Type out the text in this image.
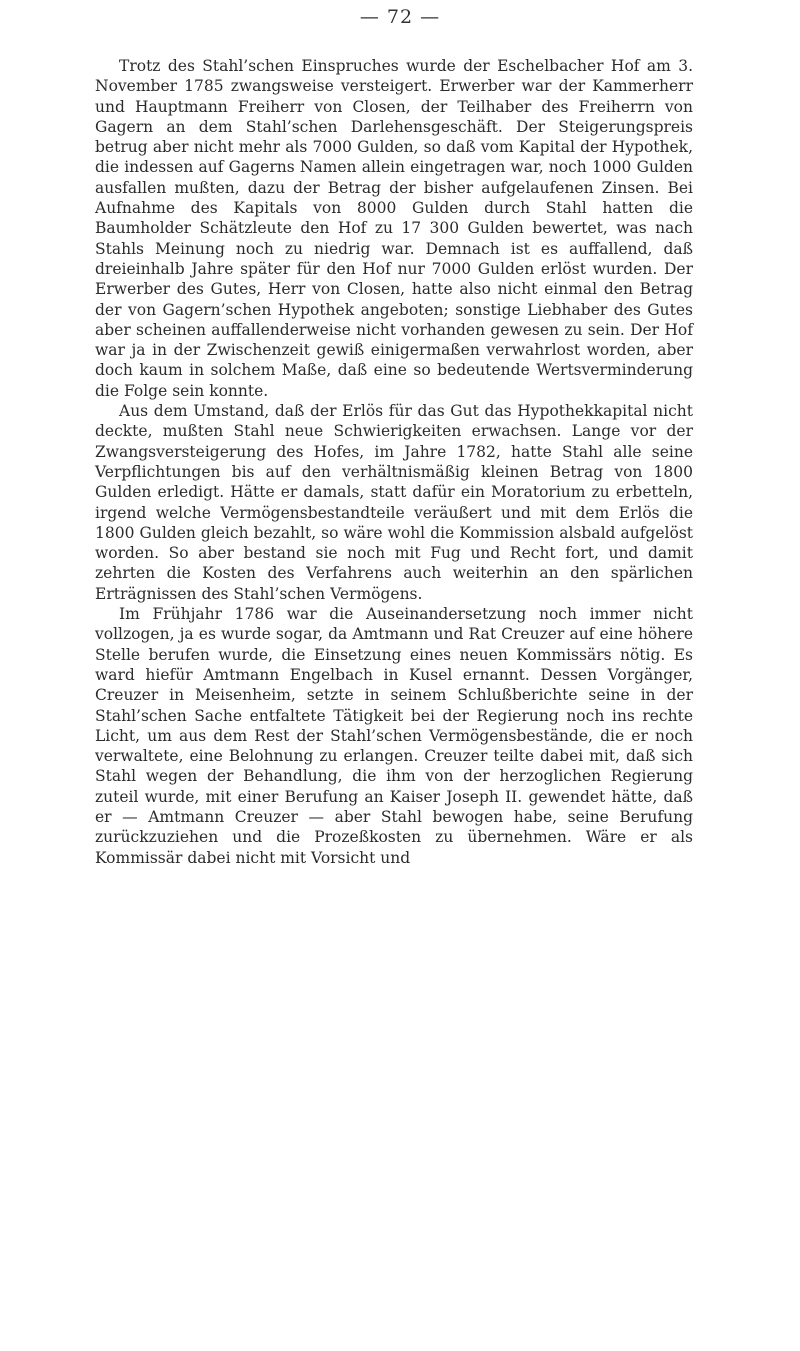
— 72 —

Trotz des Stahl’schen Einspruches wurde der Eschelbacher Hof am 3. November 1785 zwangsweise versteigert. Erwerber war der Kammerherr und Hauptmann Freiherr von Closen, der Teilhaber des Freiherrn von Gagern an dem Stahl’schen Darlehensgeschäft. Der Steigerungspreis betrug aber nicht mehr als 7000 Gulden, so daß vom Kapital der Hypothek, die indessen auf Gagerns Namen allein eingetragen war, noch 1000 Gulden ausfallen mußten, dazu der Betrag der bisher aufgelaufenen Zinsen. Bei Aufnahme des Kapitals von 8000 Gulden durch Stahl hatten die Baumholder Schätzleute den Hof zu 17 300 Gulden bewertet, was nach Stahls Meinung noch zu niedrig war. Demnach ist es auffallend, daß dreieinhalb Jahre später für den Hof nur 7000 Gulden erlöst wurden. Der Erwerber des Gutes, Herr von Closen, hatte also nicht einmal den Betrag der von Gagern’schen Hypothek angeboten; sonstige Liebhaber des Gutes aber scheinen auffallenderweise nicht vorhanden gewesen zu sein. Der Hof war ja in der Zwischenzeit gewiß einigermaßen verwahrlost worden, aber doch kaum in solchem Maße, daß eine so bedeutende Wertsverminderung die Folge sein konnte.

Aus dem Umstand, daß der Erlös für das Gut das Hypothekkapital nicht deckte, mußten Stahl neue Schwierigkeiten erwachsen. Lange vor der Zwangsversteigerung des Hofes, im Jahre 1782, hatte Stahl alle seine Verpflichtungen bis auf den verhältnismäßig kleinen Betrag von 1800 Gulden erledigt. Hätte er damals, statt dafür ein Moratorium zu erbetteln, irgend welche Vermögensbestandteile veräußert und mit dem Erlös die 1800 Gulden gleich bezahlt, so wäre wohl die Kommission alsbald aufgelöst worden. So aber bestand sie noch mit Fug und Recht fort, und damit zehrten die Kosten des Verfahrens auch weiterhin an den spärlichen Erträgnissen des Stahl’schen Vermögens.

Im Frühjahr 1786 war die Auseinandersetzung noch immer nicht vollzogen, ja es wurde sogar, da Amtmann und Rat Creuzer auf eine höhere Stelle berufen wurde, die Einsetzung eines neuen Kommissärs nötig. Es ward hiefür Amtmann Engelbach in Kusel ernannt. Dessen Vorgänger, Creuzer in Meisenheim, setzte in seinem Schlußberichte seine in der Stahl’schen Sache entfaltete Tätigkeit bei der Regierung noch ins rechte Licht, um aus dem Rest der Stahl’schen Vermögensbestände, die er noch verwaltete, eine Belohnung zu erlangen. Creuzer teilte dabei mit, daß sich Stahl wegen der Behandlung, die ihm von der herzoglichen Regierung zuteil wurde, mit einer Berufung an Kaiser Joseph II. gewendet hätte, daß er — Amtmann Creuzer — aber Stahl bewogen habe, seine Berufung zurückzuziehen und die Prozeßkosten zu übernehmen. Wäre er als Kommissär dabei nicht mit Vorsicht und
